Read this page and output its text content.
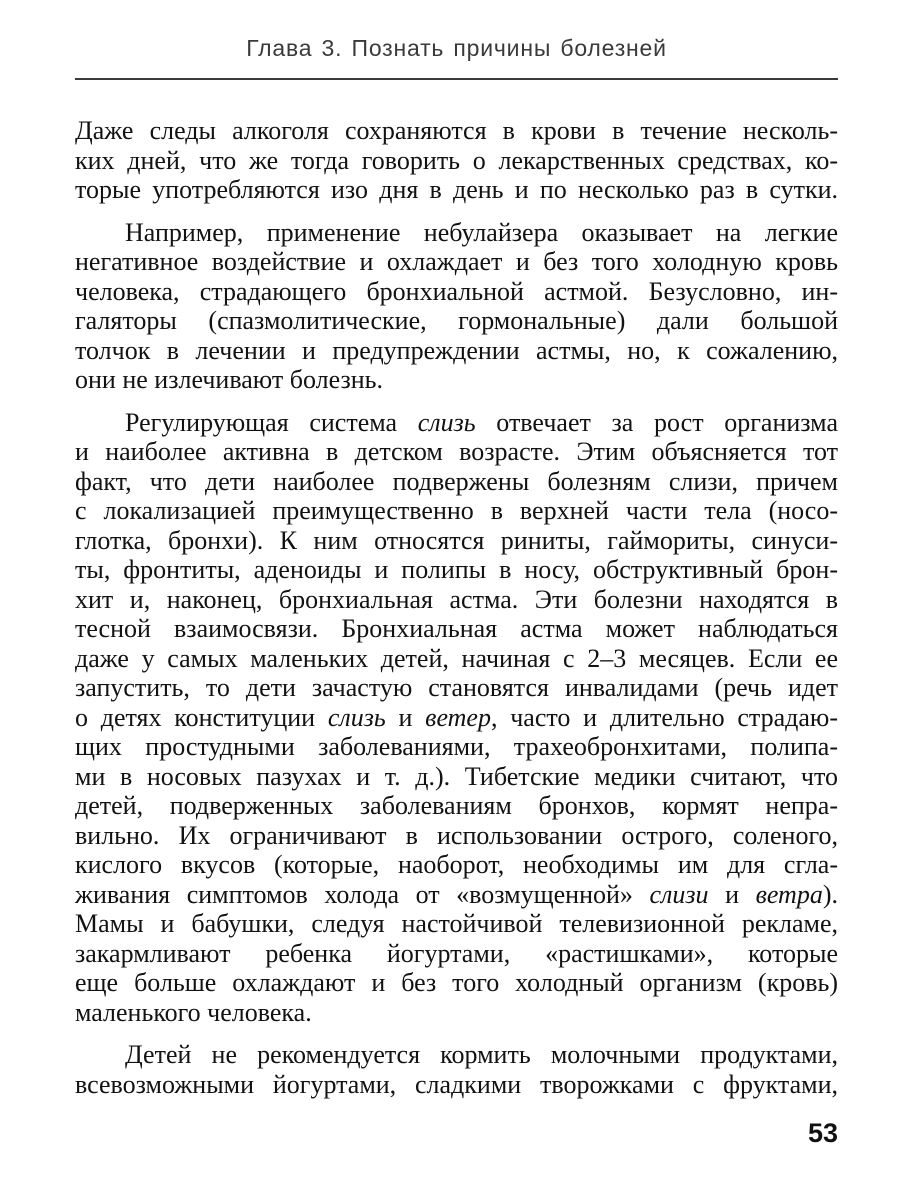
Глава 3. Познать причины болезней
Даже следы алкоголя сохраняются в крови в течение несколь-
ких дней, что же тогда говорить о лекарственных средствах, ко-
торые употребляются изо дня в день и по несколько раз в сутки.
Например, применение небулайзера оказывает на легкие
негативное воздействие и охлаждает и без того холодную кровь
человека, страдающего бронхиальной астмой. Безусловно, ин-
галяторы (спазмолитические, гормональные) дали большой
толчок в лечении и предупреждении астмы, но, к сожалению,
они не излечивают болезнь.
Регулирующая система слизь отвечает за рост организма
и наиболее активна в детском возрасте. Этим объясняется тот
факт, что дети наиболее подвержены болезням слизи, причем
с локализацией преимущественно в верхней части тела (носо-
глотка, бронхи). К ним относятся риниты, гаймориты, синуси-
ты, фронтиты, аденоиды и полипы в носу, обструктивный брон-
хит и, наконец, бронхиальная астма. Эти болезни находятся в
тесной взаимосвязи. Бронхиальная астма может наблюдаться
даже у самых маленьких детей, начиная с 2–3 месяцев. Если ее
запустить, то дети зачастую становятся инвалидами (речь идет
о детях конституции слизь и ветер, часто и длительно страдаю-
щих простудными заболеваниями, трахеобронхитами, полипа-
ми в носовых пазухах и т. д.). Тибетские медики считают, что
детей, подверженных заболеваниям бронхов, кормят непра-
вильно. Их ограничивают в использовании острого, соленого,
кислого вкусов (которые, наоборот, необходимы им для сгла-
живания симптомов холода от «возмущенной» слизи и ветра).
Мамы и бабушки, следуя настойчивой телевизионной рекламе,
закармливают ребенка йогуртами, «растишками», которые
еще больше охлаждают и без того холодный организм (кровь)
маленького человека.
Детей не рекомендуется кормить молочными продуктами,
всевозможными йогуртами, сладкими творожками с фруктами,
53
